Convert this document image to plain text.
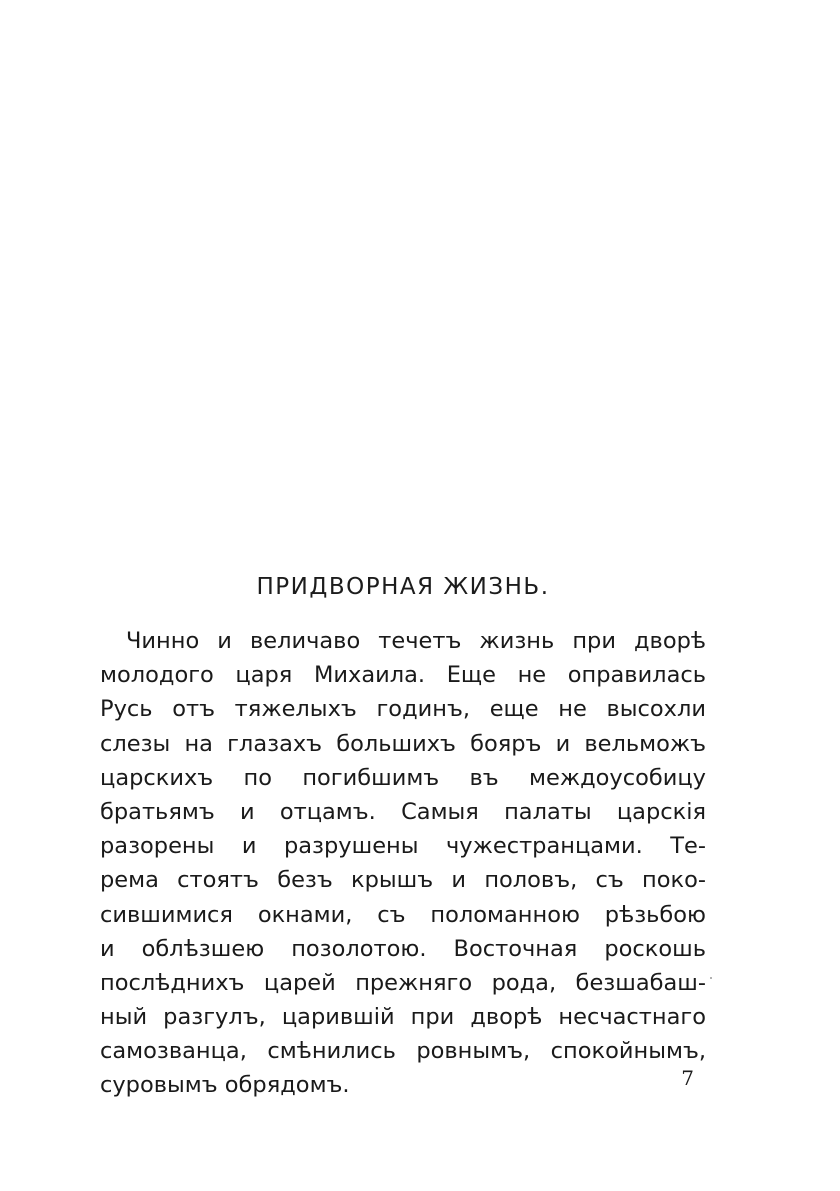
ПРИДВОРНАЯ ЖИЗНЬ.
Чинно и величаво течетъ жизнь при дворѣ
молодого царя Михаила. Еще не оправилась
Русь отъ тяжелыхъ годинъ, еще не высохли
слезы на глазахъ большихъ бояръ и вельможъ
царскихъ по погибшимъ въ междоусобицу
братьямъ и отцамъ. Самыя палаты царскія
разорены и разрушены чужестранцами. Те-
рема стоятъ безъ крышъ и половъ, съ поко-
сившимися окнами, съ поломанною рѣзьбою
и облѣзшею позолотою. Восточная роскошь
послѣднихъ царей прежняго рода, безшабаш-
ный разгулъ, царившій при дворѣ несчастнаго
самозванца, смѣнились ровнымъ, спокойнымъ,
суровымъ обрядомъ.	7
